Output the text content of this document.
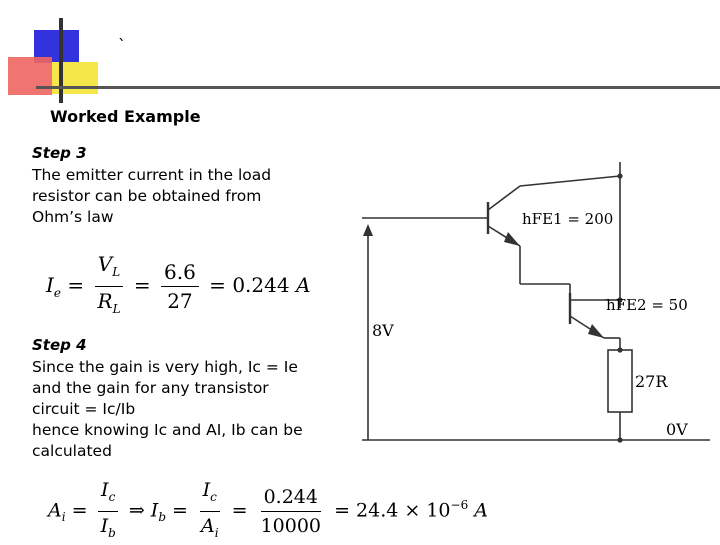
`
Worked Example
Step 3
The emitter current in the load
resistor can be obtained from
Ohm’s law
$I_e = \frac{V_L}{R_L} = \frac{6.6}{27} = 0.244$ A
Step 4
Since the gain is very high, Ic = Ie
and the gain for any transistor
circuit = Ic/Ib
hence knowing Ic and AI, Ib can be
calculated
$A_i = \frac{I_c}{I_b}$ ⇒ $I_b = \frac{I_c}{A_i} = \frac{0.244}{10000} = 24.4 \times 10^{-6}$ A
hFE1 = 200
hFE2 = 50
8V
27R
0V
